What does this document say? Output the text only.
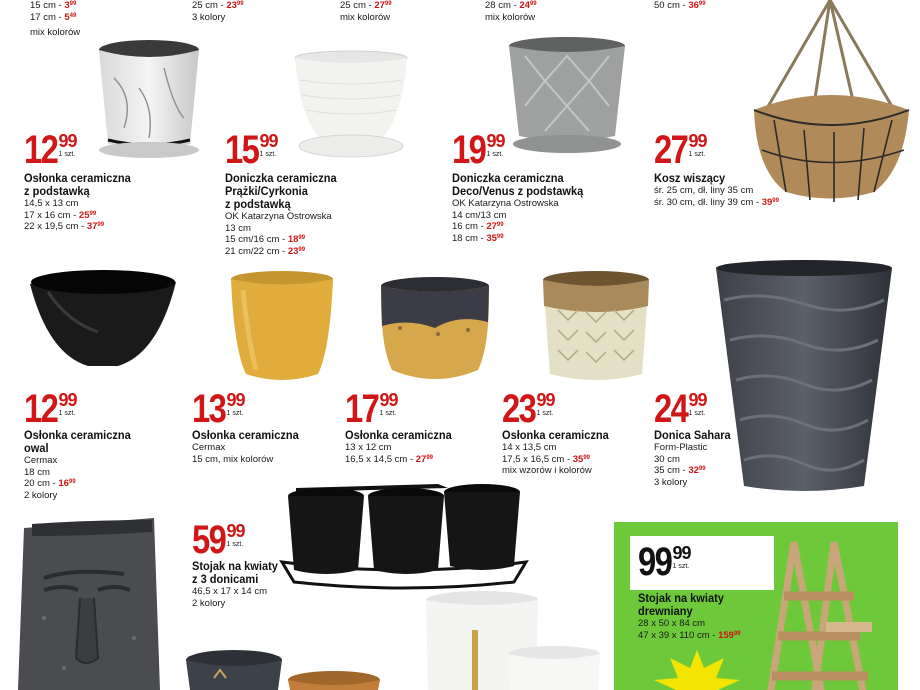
15 cm - $3^{99}$
17 cm - $5^{49}$
mix kolorów
25 cm - $23^{99}$
3 kolory
25 cm - $27^{99}$
mix kolorów
28 cm - $24^{99}$
mix kolorów
50 cm - $36^{99}$
12 99
1 szt.
Osłonka ceramiczna
z podstawką
14,5 x 13 cm
17 x 16 cm - $25^{99}$
22 x 19,5 cm - $37^{99}$
15 99
1 szt.
Doniczka ceramiczna
Prążki/Cyrkonia
z podstawką
OK Katarzyna Ostrowska
13 cm
15 cm/16 cm - $18^{99}$
21 cm/22 cm - $23^{99}$
19 99
1 szt.
Doniczka ceramiczna
Deco/Venus z podstawką
OK Katarzyna Ostrowska
14 cm/13 cm
16 cm - $27^{99}$
18 cm - $35^{99}$
27 99
1 szt.
Kosz wiszący
śr. 25 cm, dł. liny 35 cm
śr. 30 cm, dł. liny 39 cm - $39^{99}$
12 99
1 szt.
Osłonka ceramiczna
owal
Cermax
18 cm
20 cm - $16^{99}$
2 kolory
13 99
1 szt.
Osłonka ceramiczna
Cermax
15 cm, mix kolorów
17 99
1 szt.
Osłonka ceramiczna
13 x 12 cm
16,5 x 14,5 cm - $27^{99}$
23 99
1 szt.
Osłonka ceramiczna
14 x 13,5 cm
17,5 x 16,5 cm - $35^{99}$
mix wzorów i kolorów
24 99
1 szt.
Donica Sahara
Form-Plastic
30 cm
35 cm - $32^{99}$
3 kolory
59 99
1 szt.
Stojak na kwiaty
z 3 donicami
46,5 x 17 x 14 cm
2 kolory
99 99
1 szt.
Stojak na kwiaty
drewniany
28 x 50 x 84 cm
47 x 39 x 110 cm - $159^{99}$
